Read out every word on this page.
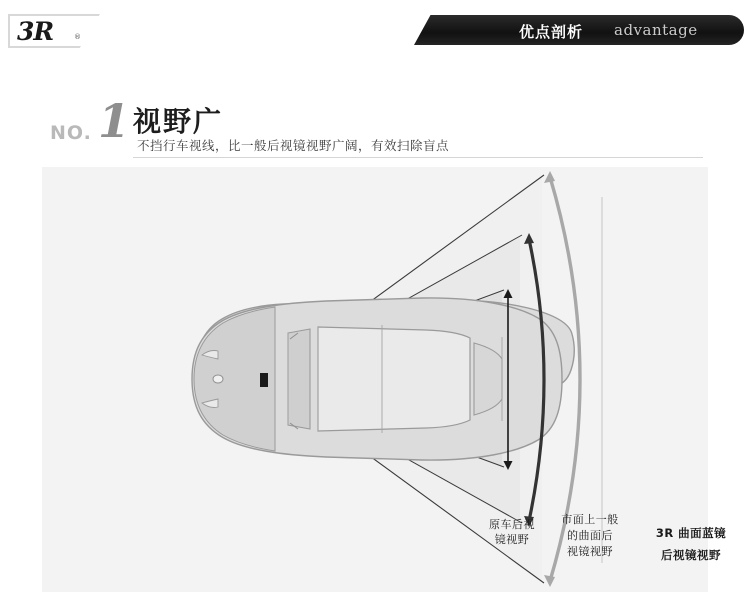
3R	®	优点剖析 advantage
NO. 1 视野广
不挡行车视线，比一般后视镜视野广阔，有效扫除盲点
原车后视
镜视野
市面上一般
的曲面后
视镜视野
3R 曲面蓝镜
后视镜视野
